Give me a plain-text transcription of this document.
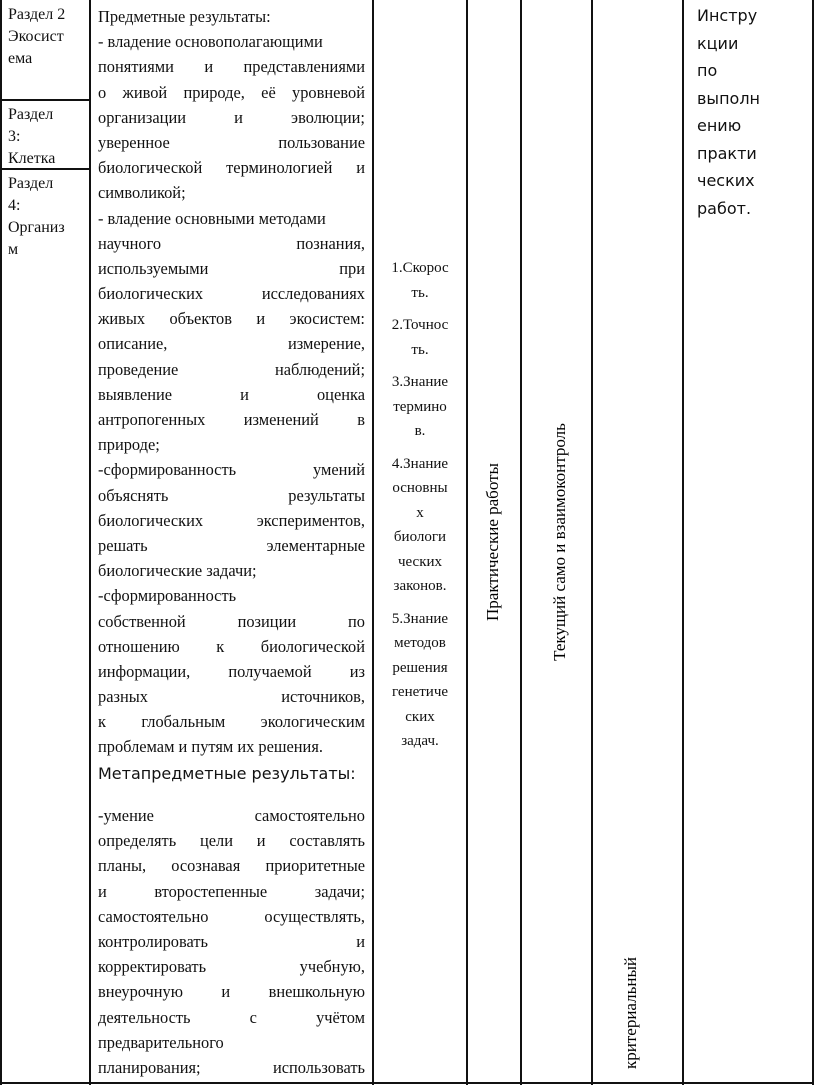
Раздел 2
Экосист
ема
Раздел
3:
Клетка
Раздел
4:
Организ
м
Предметные результаты:
- владение основополагающими
понятиями и представлениями
о живой природе, её уровневой
организации и эволюции;
уверенное пользование
биологической терминологией и
символикой;
- владение основными методами
научного познания,
используемыми при
биологических исследованиях
живых объектов и экосистем:
описание, измерение,
проведение наблюдений;
выявление и оценка
антропогенных изменений в
природе;
-сформированность умений
объяснять результаты
биологических экспериментов,
решать элементарные
биологические задачи;
-сформированность
собственной позиции по
отношению к биологической
информации, получаемой из
разных источников,
к глобальным экологическим
проблемам и путям их решения.
Метапредметные результаты:
-умение самостоятельно
определять цели и составлять
планы, осознавая приоритетные
и второстепенные задачи;
самостоятельно осуществлять,
контролировать и
корректировать учебную,
внеурочную и внешкольную
деятельность с учётом
предварительного
планирования; использовать
1.Скорос
ть.
2.Точнос
ть.
3.Знание
термино
в.
4.Знание
основны
х
биологи
ческих
законов.
5.Знание
методов
решения
генетиче
ских
задач.
Практические работы	Текущий само и взаимоконтроль
критериальный
Инстру
кции
по
выполн
ению
практи
ческих
работ.
